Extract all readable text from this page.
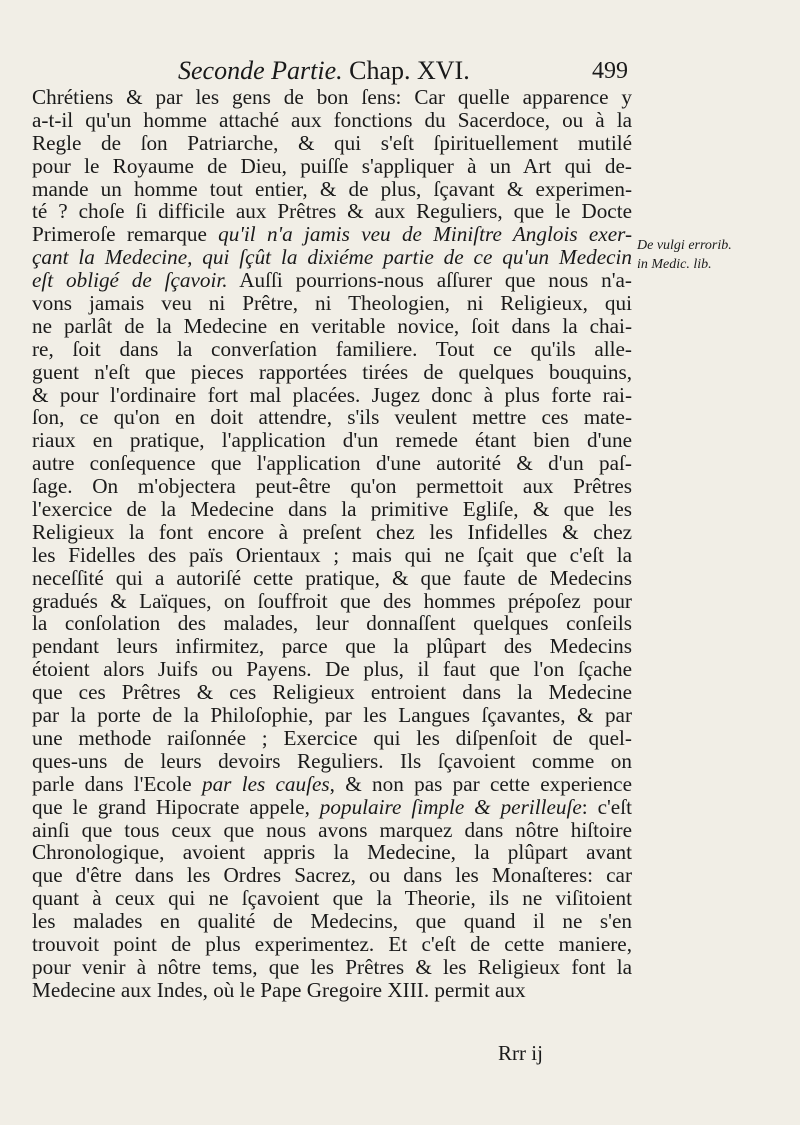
Seconde Partie. Chap. XVI.	499
Chrétiens & par les gens de bon ſens: Car quelle apparence y
a-t-il qu'un homme attaché aux fonctions du Sacerdoce, ou à la
Regle de ſon Patriarche, & qui s'eſt ſpirituellement mutilé
pour le Royaume de Dieu, puiſſe s'appliquer à un Art qui de-
mande un homme tout entier, & de plus, ſçavant & experimen-
té ? choſe ſi difficile aux Prêtres & aux Reguliers, que le Docte
Primeroſe remarque qu'il n'a jamis veu de Miniſtre Anglois exer-
çant la Medecine, qui ſçût la dixiéme partie de ce qu'un Medecin
eſt obligé de ſçavoir. Auſſi pourrions-nous aſſurer que nous n'a-
vons jamais veu ni Prêtre, ni Theologien, ni Religieux, qui
ne parlât de la Medecine en veritable novice, ſoit dans la chai-
re, ſoit dans la converſation familiere. Tout ce qu'ils alle-
guent n'eſt que pieces rapportées tirées de quelques bouquins,
& pour l'ordinaire fort mal placées. Jugez donc à plus forte rai-
ſon, ce qu'on en doit attendre, s'ils veulent mettre ces mate-
riaux en pratique, l'application d'un remede étant bien d'une
autre conſequence que l'application d'une autorité & d'un paſ-
ſage. On m'objectera peut-être qu'on permettoit aux Prêtres
l'exercice de la Medecine dans la primitive Egliſe, & que les
Religieux la font encore à preſent chez les Infidelles & chez
les Fidelles des païs Orientaux ; mais qui ne ſçait que c'eſt la
neceſſité qui a autoriſé cette pratique, & que faute de Medecins
gradués & Laïques, on ſouffroit que des hommes prépoſez pour
la conſolation des malades, leur donnaſſent quelques conſeils
pendant leurs infirmitez, parce que la plûpart des Medecins
étoient alors Juifs ou Payens. De plus, il faut que l'on ſçache
que ces Prêtres & ces Religieux entroient dans la Medecine
par la porte de la Philoſophie, par les Langues ſçavantes, & par
une methode raiſonnée ; Exercice qui les diſpenſoit de quel-
ques-uns de leurs devoirs Reguliers. Ils ſçavoient comme on
parle dans l'Ecole par les cauſes, & non pas par cette experience
que le grand Hipocrate appele, populaire ſimple & perilleuſe: c'eſt
ainſi que tous ceux que nous avons marquez dans nôtre hiſtoire
Chronologique, avoient appris la Medecine, la plûpart avant
que d'être dans les Ordres Sacrez, ou dans les Monaſteres: car
quant à ceux qui ne ſçavoient que la Theorie, ils ne viſitoient
les malades en qualité de Medecins, que quand il ne s'en
trouvoit point de plus experimentez. Et c'eſt de cette maniere,
pour venir à nôtre tems, que les Prêtres & les Religieux font la
Medecine aux Indes, où le Pape Gregoire XIII. permit aux
De vulgi errorib.
in Medic. lib.
Rrr ij
